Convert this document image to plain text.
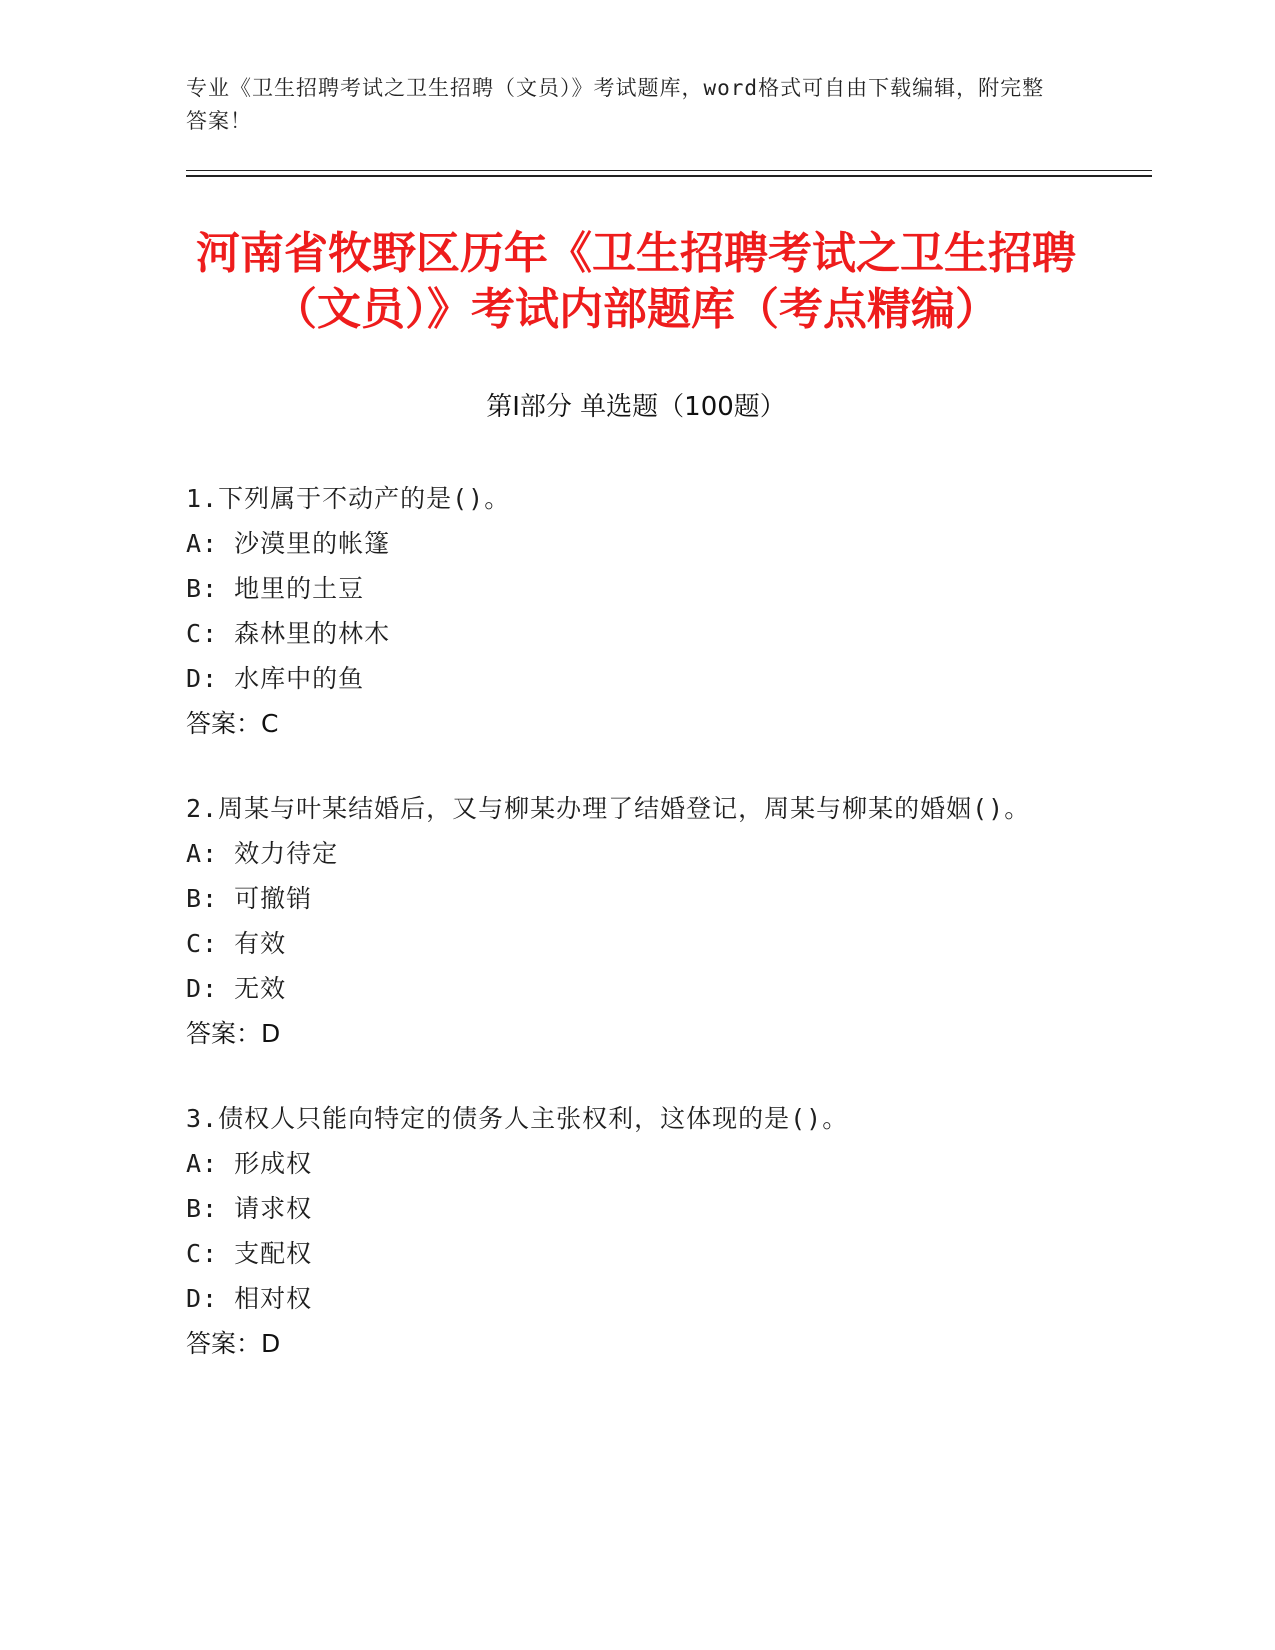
专业《卫生招聘考试之卫生招聘（文员）》考试题库，word格式可自由下载编辑，附完整答案！
河南省牧野区历年《卫生招聘考试之卫生招聘（文员）》考试内部题库（考点精编）
第Ⅰ部分 单选题（100题）
1.下列属于不动产的是()。
A: 沙漠里的帐篷
B: 地里的土豆
C: 森林里的林木
D: 水库中的鱼
答案：C
2.周某与叶某结婚后，又与柳某办理了结婚登记，周某与柳某的婚姻()。
A: 效力待定
B: 可撤销
C: 有效
D: 无效
答案：D
3.债权人只能向特定的债务人主张权利，这体现的是()。
A: 形成权
B: 请求权
C: 支配权
D: 相对权
答案：D
